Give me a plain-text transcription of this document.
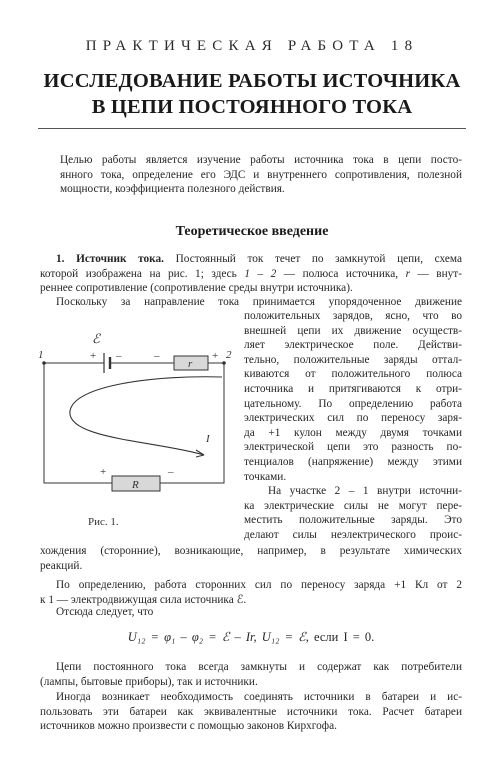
ПРАКТИЧЕСКАЯ РАБОТА 18
ИССЛЕДОВАНИЕ РАБОТЫ ИСТОЧНИКА
В ЦЕПИ ПОСТОЯННОГО ТОКА
Целью работы является изучение работы источника тока в цепи посто-
янного тока, определение его ЭДС и внутреннего сопротивления, полезной
мощности, коэффициента полезного действия.
Теоретическое введение
1. Источник тока. Постоянный ток течет по замкнутой цепи, схема
которой изображена на рис. 1; здесь 1 – 2 — полюса источника, r — внут-
реннее сопротивление (сопротивление среды внутри источника).
Поскольку за направление тока принимается упорядоченное движение
положительных зарядов, ясно, что во
внешней цепи их движение осуществ-
ляет электрическое поле. Действи-
тельно, положительные заряды оттал-
киваются от положительного полюса
источника и притягиваются к отри-
цательному. По определению работа
электрических сил по переносу заря-
да +1 кулон между двумя точками
электрической цепи это разность по-
тенциалов (напряжение) между этими
точками.
На участке 2 – 1 внутри источни-
ка электрические силы не могут пере-
местить положительные заряды. Это
делают силы неэлектрического проис-
ℰ
1	2
+ –	–	+
r
I
R
+	–
Рис. 1.
хождения (сторонние), возникающие, например, в результате химических
реакций.
По определению, работа сторонних сил по переносу заряда +1 Кл от 2
к 1 — электродвижущая сила источника ℰ.
Отсюда следует, что
U₁₂ = φ₁ – φ₂ = ℰ – Ir, U₁₂ = ℰ, если I = 0.
Цепи постоянного тока всегда замкнуты и содержат как потребители
(лампы, бытовые приборы), так и источники.
Иногда возникает необходимость соединять источники в батареи и ис-
пользовать эти батареи как эквивалентные источники тока. Расчет батареи
источников можно произвести с помощью законов Кирхгофа.
